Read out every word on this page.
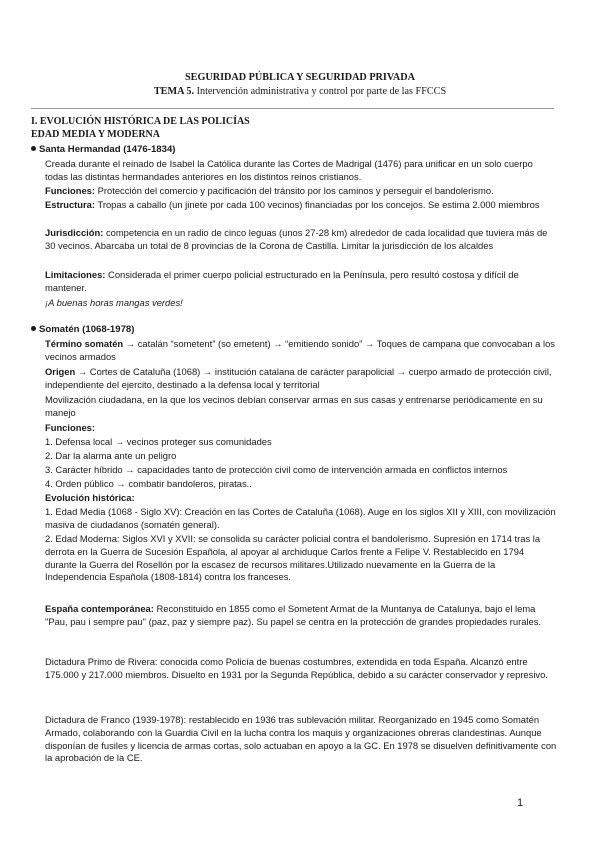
SEGURIDAD PÚBLICA Y SEGURIDAD PRIVADA
TEMA 5. Intervención administrativa y control por parte de las FFCCS
I. EVOLUCIÓN HISTÓRICA DE LAS POLICÍAS
EDAD MEDIA Y MODERNA
Santa Hermandad (1476-1834)
Creada durante el reinado de Isabel la Católica durante las Cortes de Madrigal (1476) para unificar en un solo cuerpo todas las distintas hermandades anteriores en los distintos reinos cristianos.
Funciones: Protección del comercio y pacificación del tránsito por los caminos y perseguir el bandolerismo.
Estructura: Tropas a caballo (un jinete por cada 100 vecinos) financiadas por los concejos. Se estima 2.000 miembros
Jurisdicción: competencia en un radio de cinco leguas (unos 27-28 km) alrededor de cada localidad que tuviera más de 30 vecinos. Abarcaba un total de 8 provincias de la Corona de Castilla. Limitar la jurisdicción de los alcaldes
Limitaciones: Considerada el primer cuerpo policial estructurado en la Península, pero resultó costosa y difícil de mantener.
¡A buenas horas mangas verdes!
Somatén (1068-1978)
Término somatén → catalán “sometent” (so emetent) → “emitiendo sonido” → Toques de campana que convocaban a los vecinos armados
Origen → Cortes de Cataluña (1068) → institución catalana de carácter parapolicial → cuerpo armado de protección civil, independiente del ejercito, destinado a la defensa local y territorial
Movilización ciudadana, en la que los vecinos debían conservar armas en sus casas y entrenarse periódicamente en su manejo
Funciones:
1. Defensa local → vecinos proteger sus comunidades
2. Dar la alarma ante un peligro
3. Carácter híbrido → capacidades tanto de protección civil como de intervención armada en conflictos internos
4. Orden público → combatir bandoleros, piratas..
Evolución histórica:
1. Edad Media (1068 - Siglo XV): Creación en las Cortes de Cataluña (1068). Auge en los siglos XII y XIII, con movilización masiva de ciudadanos (somatén general).
2. Edad Moderna: Siglos XVI y XVII: se consolida su carácter policial contra el bandolerismo. Supresión en 1714 tras la derrota en la Guerra de Sucesión Española, al apoyar al archiduque Carlos frente a Felipe V. Restablecido en 1794 durante la Guerra del Rosellón por la escasez de recursos militares.Utilizado nuevamente en la Guerra de la Independencia Española (1808-1814) contra los franceses.
España contemporánea: Reconstituido en 1855 como el Sometent Armat de la Muntanya de Catalunya, bajo el lema "Pau, pau i sempre pau" (paz, paz y siempre paz). Su papel se centra en la protección de grandes propiedades rurales.
Dictadura Primo de Rivera: conocida como Policía de buenas costumbres, extendida en toda España. Alcanzó entre 175.000 y 217.000 miembros. Disuelto en 1931 por la Segunda República, debido a su carácter conservador y represivo.
Dictadura de Franco (1939-1978): restablecido en 1936 tras sublevación militar. Reorganizado en 1945 como Somatén Armado, colaborando con la Guardia Civil en la lucha contra los maquis y organizaciones obreras clandestinas. Aunque disponían de fusiles y licencia de armas cortas, solo actuaban en apoyo a la GC. En 1978 se disuelven definitivamente con la aprobación de la CE.
1
